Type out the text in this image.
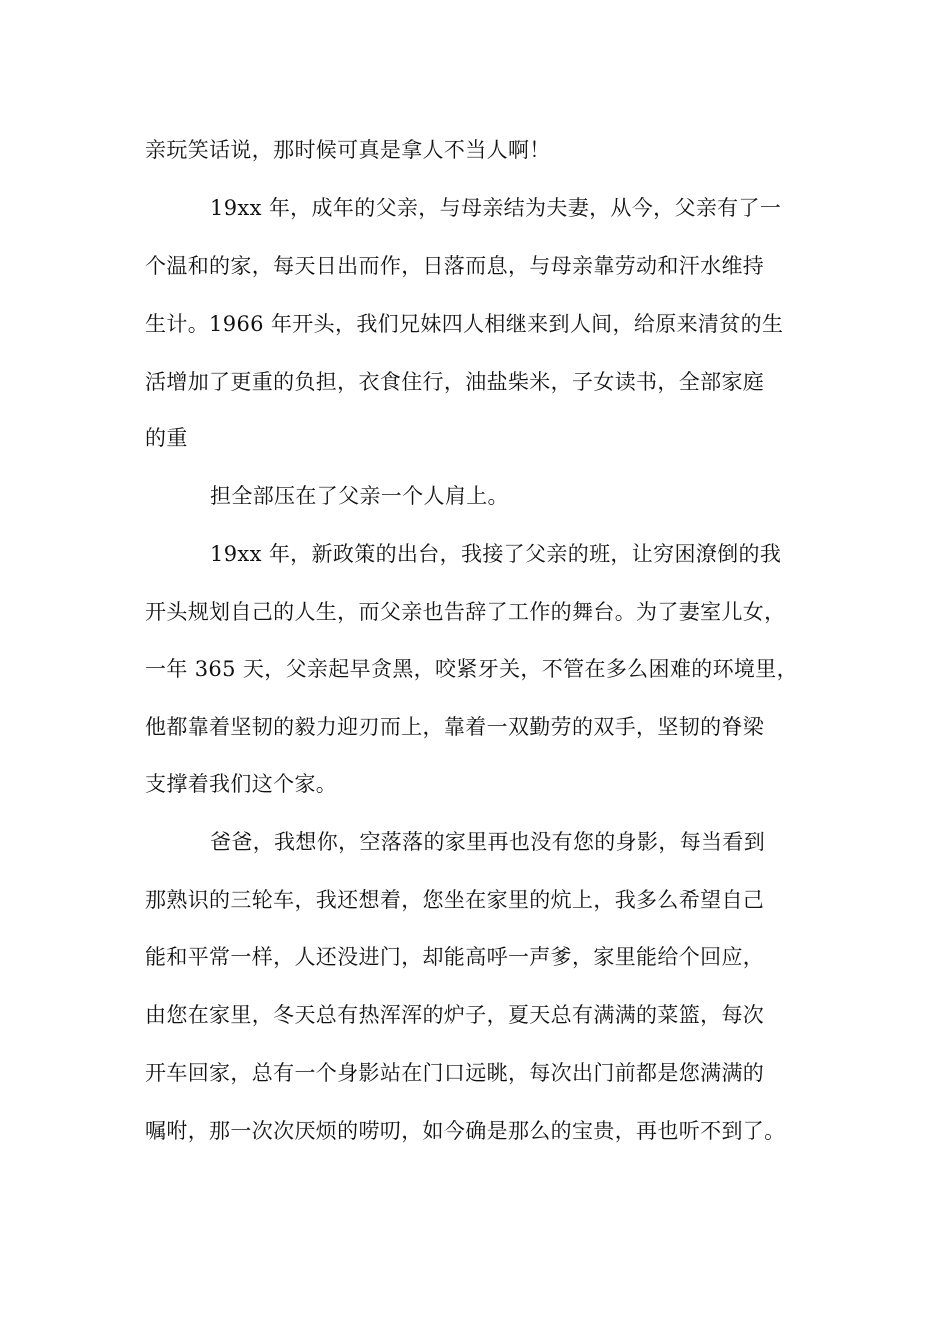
亲玩笑话说，那时候可真是拿人不当人啊！
19xx 年，成年的父亲，与母亲结为夫妻，从今，父亲有了一
个温和的家，每天日出而作，日落而息，与母亲靠劳动和汗水维持
生计。1966 年开头，我们兄妹四人相继来到人间，给原来清贫的生
活增加了更重的负担，衣食住行，油盐柴米，子女读书，全部家庭
的重
担全部压在了父亲一个人肩上。
19xx 年，新政策的出台，我接了父亲的班，让穷困潦倒的我
开头规划自己的人生，而父亲也告辞了工作的舞台。为了妻室儿女，
一年 365 天，父亲起早贪黑，咬紧牙关，不管在多么困难的环境里，
他都靠着坚韧的毅力迎刃而上，靠着一双勤劳的双手，坚韧的脊梁
支撑着我们这个家。
爸爸，我想你，空落落的家里再也没有您的身影，每当看到
那熟识的三轮车，我还想着，您坐在家里的炕上，我多么希望自己
能和平常一样，人还没进门，却能高呼一声爹，家里能给个回应，
由您在家里，冬天总有热浑浑的炉子，夏天总有满满的菜篮，每次
开车回家，总有一个身影站在门口远眺，每次出门前都是您满满的
嘱咐，那一次次厌烦的唠叨，如今确是那么的宝贵，再也听不到了。
